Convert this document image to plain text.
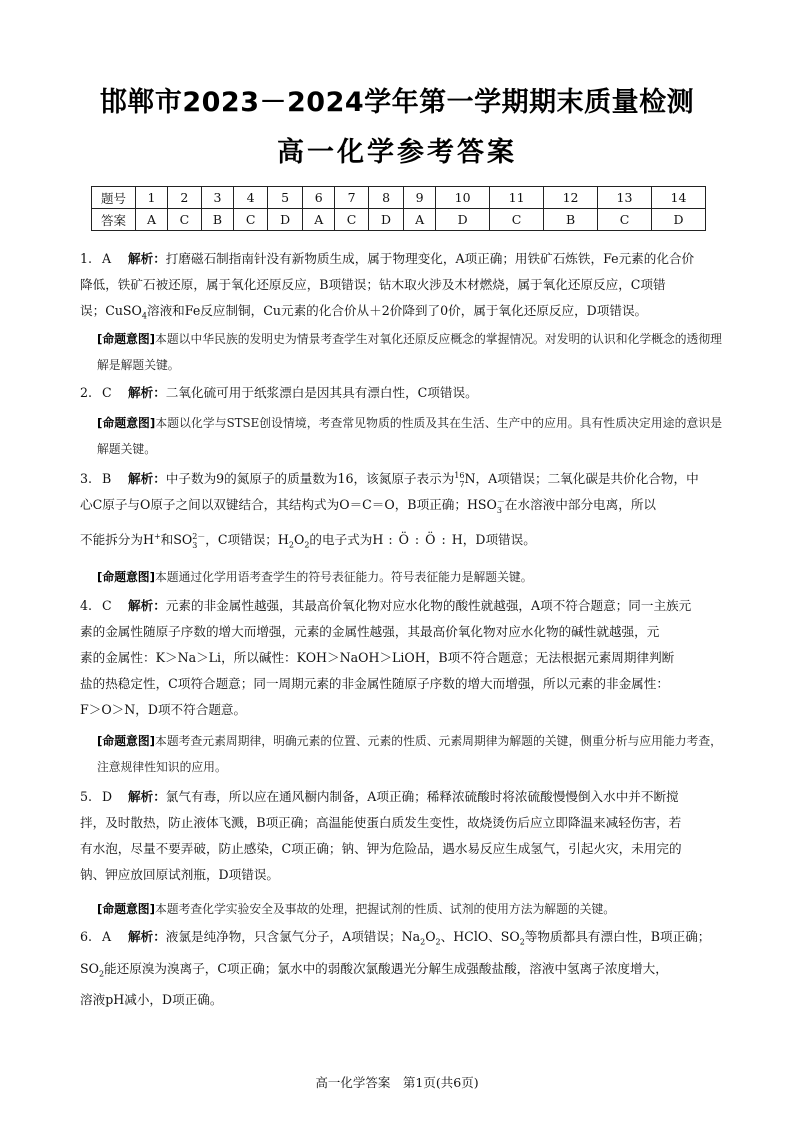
邯郸市2023－2024学年第一学期期末质量检测
高一化学参考答案
题号	1	2	3	4	5	6	7	8	9	10	11	12	13	14
答案	A	C	B	C	D	A	C	D	A	D	C	B	C	D
1. A 解析：打磨磁石制指南针没有新物质生成，属于物理变化，A项正确；用铁矿石炼铁，Fe元素的化合价
降低，铁矿石被还原，属于氧化还原反应，B项错误；钻木取火涉及木材燃烧，属于氧化还原反应，C项错
误；CuSO$_4$溶液和Fe反应制铜，Cu元素的化合价从＋2价降到了0价，属于氧化还原反应，D项错误。
[命题意图]本题以中华民族的发明史为情景考查学生对氧化还原反应概念的掌握情况。对发明的认识和化学概念的透彻理解是解题关键。
2. C 解析：二氧化硫可用于纸浆漂白是因其具有漂白性，C项错误。
[命题意图]本题以化学与STSE创设情境，考查常见物质的性质及其在生活、生产中的应用。具有性质决定用途的意识是解题关键。
3. B 解析：中子数为9的氮原子的质量数为16，该氮原子表示为16
7N，A项错误；二氧化碳是共价化合物，中
心C原子与O原子之间以双键结合，其结构式为O＝C＝O，B项正确；HSO－
3 在水溶液中部分电离，所以
不能拆分为H+和SO2－
3 ，C项错误；$H_2O_2$的电子式为H : Ö : Ö : H，D项错误。
[命题意图]本题通过化学用语考查学生的符号表征能力。符号表征能力是解题关键。
4. C 解析：元素的非金属性越强，其最高价氧化物对应水化物的酸性就越强，A项不符合题意；同一主族元
素的金属性随原子序数的增大而增强，元素的金属性越强，其最高价氧化物对应水化物的碱性就越强，元
素的金属性：K＞Na＞Li，所以碱性：KOH＞NaOH＞LiOH，B项不符合题意；无法根据元素周期律判断
盐的热稳定性，C项符合题意；同一周期元素的非金属性随原子序数的增大而增强，所以元素的非金属性：
F＞O＞N，D项不符合题意。
[命题意图]本题考查元素周期律，明确元素的位置、元素的性质、元素周期律为解题的关键，侧重分析与应用能力考查，注意规律性知识的应用。
5. D 解析：氯气有毒，所以应在通风橱内制备，A项正确；稀释浓硫酸时将浓硫酸慢慢倒入水中并不断搅
拌，及时散热，防止液体飞溅，B项正确；高温能使蛋白质发生变性，故烧烫伤后应立即降温来减轻伤害，若
有水泡，尽量不要弄破，防止感染，C项正确；钠、钾为危险品，遇水易反应生成氢气，引起火灾，未用完的
钠、钾应放回原试剂瓶，D项错误。
[命题意图]本题考查化学实验安全及事故的处理，把握试剂的性质、试剂的使用方法为解题的关键。
6. A 解析：液氯是纯净物，只含氯气分子，A项错误；$Na_2O_2$、HClO、$SO_2$等物质都具有漂白性，B项正确；
$SO_2$能还原溴为溴离子，C项正确；氯水中的弱酸次氯酸遇光分解生成强酸盐酸，溶液中氢离子浓度增大，
溶液pH减小，D项正确。
高一化学答案　第1页(共6页)
